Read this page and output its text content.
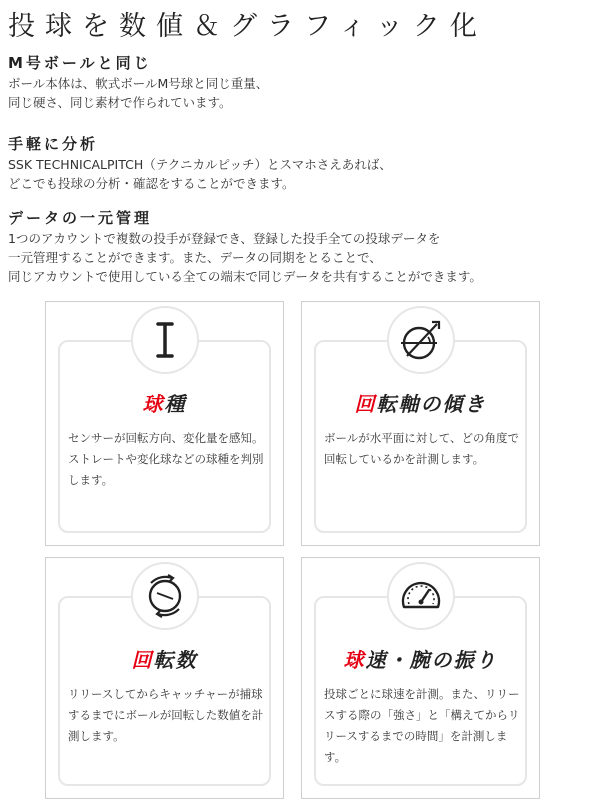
投球を数値＆グラフィック化
M号ボールと同じ

ボール本体は、軟式ボールM号球と同じ重量、

同じ硬さ、同じ素材で作られています。

手軽に分析

SSK TECHNICALPITCH（テクニカルピッチ）とスマホさえあれば、

どこでも投球の分析・確認をすることができます。

データの一元管理

1つのアカウントで複数の投手が登録でき、登録した投手全ての投球データを

一元管理することができます。また、データの同期をとることで、

同じアカウントで使用している全ての端末で同じデータを共有することができます。

球種

センサーが回転方向、変化量を感知。ストレートや変化球などの球種を判別します。

回転軸の傾き

ボールが水平面に対して、どの角度で回転しているかを計測します。

回転数

リリースしてからキャッチャーが捕球するまでにボールが回転した数値を計測します。

球速・腕の振り

投球ごとに球速を計測。また、リリースする際の「強さ」と「構えてからリリースするまでの時間」を計測します。
